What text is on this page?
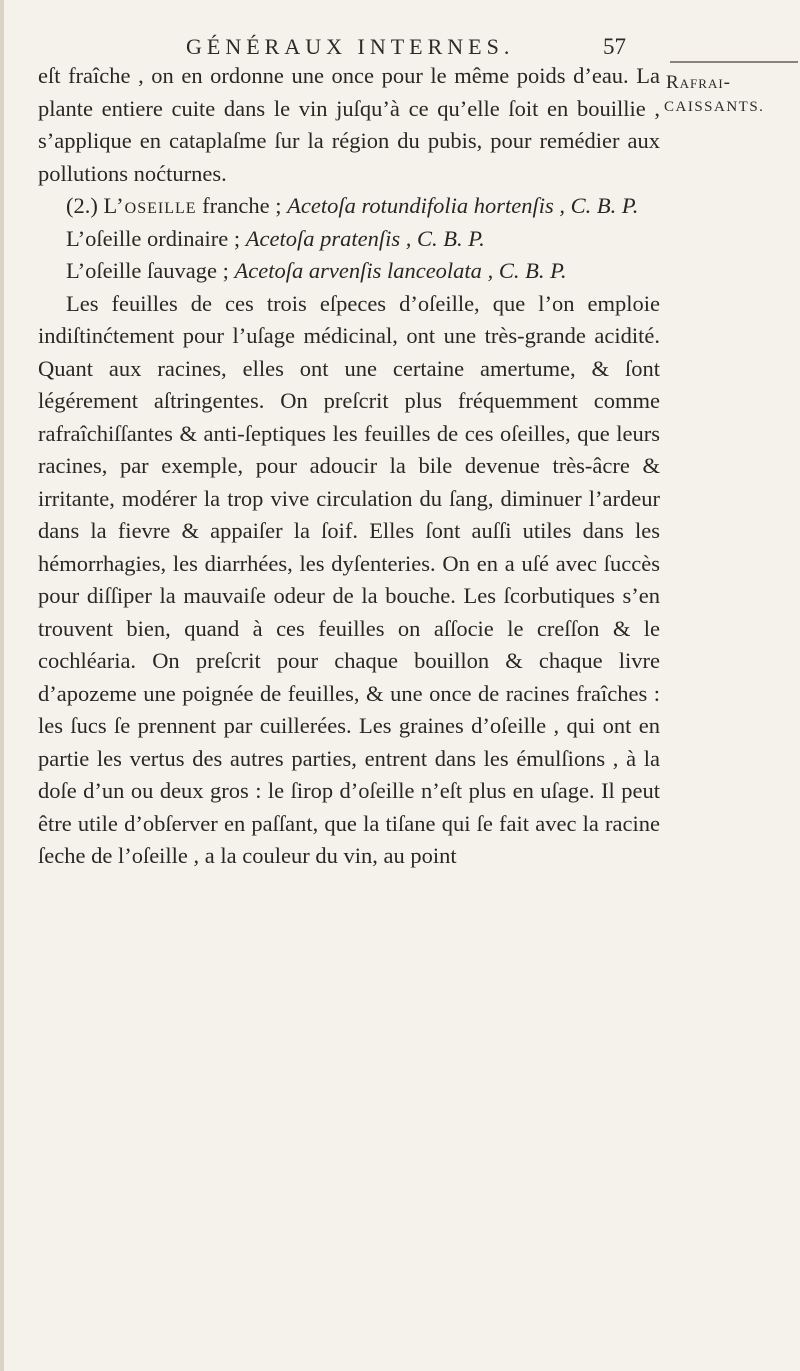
GÉNÉRAUX INTERNES.	57
Rafrai-
CAISSANTS.

eſt fraîche , on en ordonne une once pour le même poids d’eau. La plante entiere cuite dans le vin juſqu’à ce qu’elle ſoit en bouillie , s’applique en cataplaſme ſur la région du pubis, pour remédier aux pollutions noćturnes.

(2.) L’oseille franche ; Acetoſa rotundifolia hortenſis , C. B. P.

L’oſeille ordinaire ; Acetoſa pratenſis , C. B. P.

L’oſeille ſauvage ; Acetoſa arvenſis lanceolata , C. B. P.

Les feuilles de ces trois eſpeces d’oſeille, que l’on emploie indiſtinćtement pour l’uſage médicinal, ont une très-grande acidité. Quant aux racines, elles ont une certaine amertume, & ſont légérement aſtringentes. On preſcrit plus fréquemment comme rafraîchiſſantes & anti-ſeptiques les feuilles de ces oſeilles, que leurs racines, par exemple, pour adoucir la bile devenue très-âcre & irritante, modérer la trop vive circulation du ſang, diminuer l’ardeur dans la fievre & appaiſer la ſoif. Elles ſont auſſi utiles dans les hémorrhagies, les diarrhées, les dyſenteries. On en a uſé avec ſuccès pour diſſiper la mauvaiſe odeur de la bouche. Les ſcorbutiques s’en trouvent bien, quand à ces feuilles on aſſocie le creſſon & le cochléaria. On preſcrit pour chaque bouillon & chaque livre d’apozeme une poignée de feuilles, & une once de racines fraîches : les ſucs ſe prennent par cuillerées. Les graines d’oſeille , qui ont en partie les vertus des autres parties, entrent dans les émulſions , à la doſe d’un ou deux gros : le ſirop d’oſeille n’eſt plus en uſage. Il peut être utile d’obſerver en paſſant, que la tiſane qui ſe fait avec la racine ſeche de l’oſeille , a la couleur du vin, au point
